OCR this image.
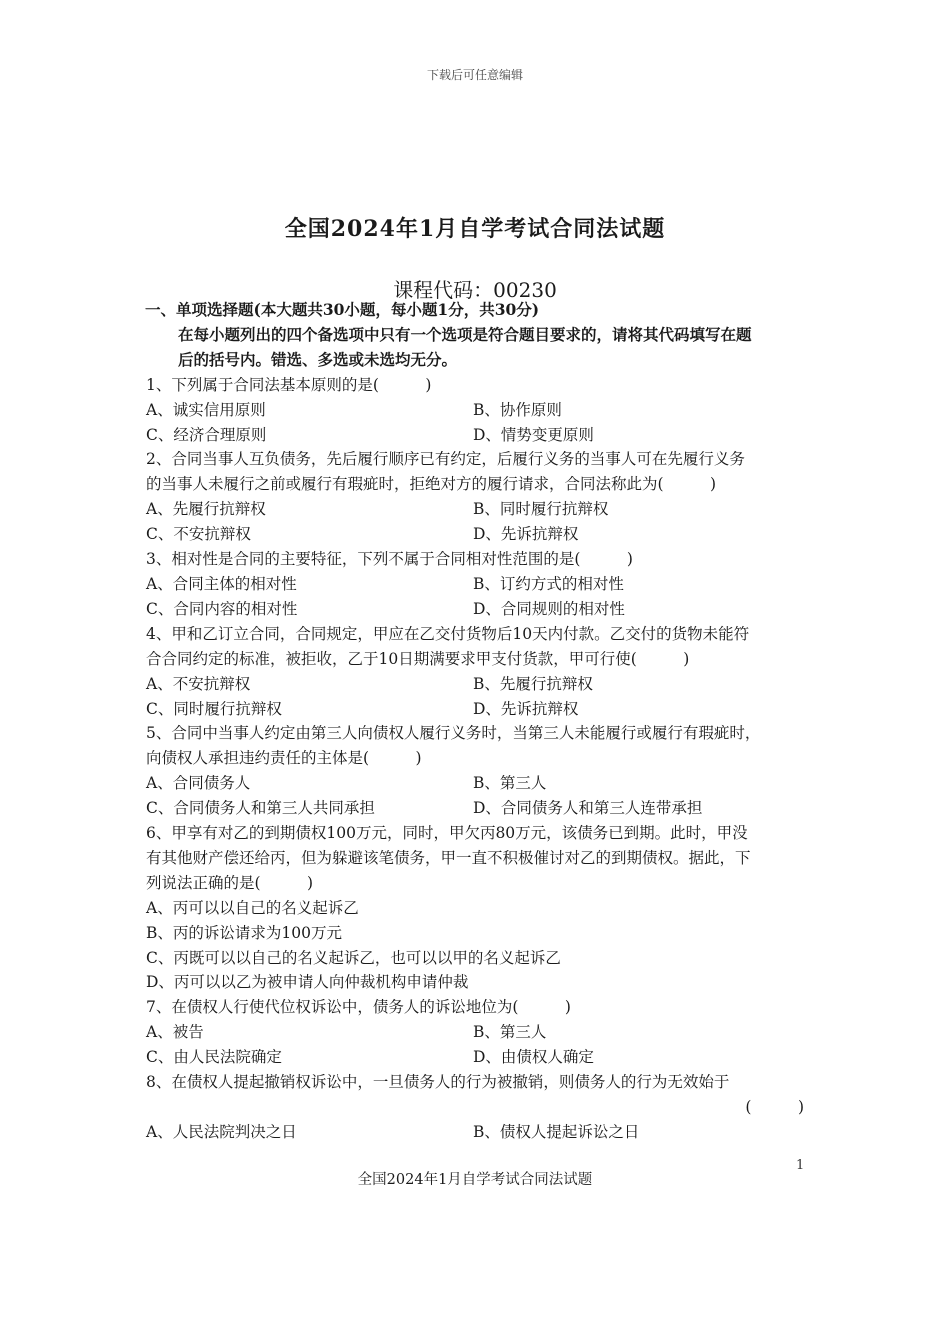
下载后可任意编辑
全国2024年1月自学考试合同法试题
课程代码：00230
一、单项选择题(本大题共30小题，每小题1分，共30分)
在每小题列出的四个备选项中只有一个选项是符合题目要求的，请将其代码填写在题
后的括号内。错选、多选或未选均无分。
1、下列属于合同法基本原则的是(　　　)
A、诚实信用原则	B、协作原则
C、经济合理原则	D、情势变更原则
2、合同当事人互负债务，先后履行顺序已有约定，后履行义务的当事人可在先履行义务
的当事人未履行之前或履行有瑕疵时，拒绝对方的履行请求，合同法称此为(　　　)
A、先履行抗辩权	B、同时履行抗辩权
C、不安抗辩权	D、先诉抗辩权
3、相对性是合同的主要特征，下列不属于合同相对性范围的是(　　　)
A、合同主体的相对性	B、订约方式的相对性
C、合同内容的相对性	D、合同规则的相对性
4、甲和乙订立合同，合同规定，甲应在乙交付货物后10天内付款。乙交付的货物未能符
合合同约定的标准，被拒收，乙于10日期满要求甲支付货款，甲可行使(　　　)
A、不安抗辩权	B、先履行抗辩权
C、同时履行抗辩权	D、先诉抗辩权
5、合同中当事人约定由第三人向债权人履行义务时，当第三人未能履行或履行有瑕疵时，
向债权人承担违约责任的主体是(　　　)
A、合同债务人	B、第三人
C、合同债务人和第三人共同承担	D、合同债务人和第三人连带承担
6、甲享有对乙的到期债权100万元，同时，甲欠丙80万元，该债务已到期。此时，甲没
有其他财产偿还给丙，但为躲避该笔债务，甲一直不积极催讨对乙的到期债权。据此，下
列说法正确的是(　　　)
A、丙可以以自己的名义起诉乙
B、丙的诉讼请求为100万元
C、丙既可以以自己的名义起诉乙，也可以以甲的名义起诉乙
D、丙可以以乙为被申请人向仲裁机构申请仲裁
7、在债权人行使代位权诉讼中，债务人的诉讼地位为(　　　)
A、被告	B、第三人
C、由人民法院确定	D、由债权人确定
8、在债权人提起撤销权诉讼中，一旦债务人的行为被撤销，则债务人的行为无效始于
(　　　)
A、人民法院判决之日	B、债权人提起诉讼之日
1
全国2024年1月自学考试合同法试题
